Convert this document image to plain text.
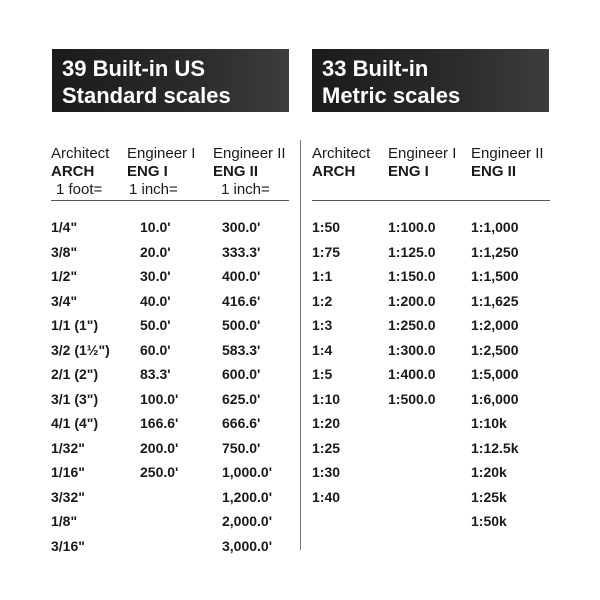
39 Built-in US
Standard scales
33 Built-in
Metric scales
Architect
ARCH
1 foot=
Engineer I
ENG I
1 inch=
Engineer II
ENG II
1 inch=
Architect
ARCH
Engineer I
ENG I
Engineer II
ENG II
1/4"
3/8"
1/2"
3/4"
1/1 (1")
3/2 (1½")
2/1 (2")
3/1 (3")
4/1 (4")
1/32"
1/16"
3/32"
1/8"
3/16"
10.0'
20.0'
30.0'
40.0'
50.0'
60.0'
83.3'
100.0'
166.6'
200.0'
250.0'
300.0'
333.3'
400.0'
416.6'
500.0'
583.3'
600.0'
625.0'
666.6'
750.0'
1,000.0'
1,200.0'
2,000.0'
3,000.0'
1:50
1:75
1:1
1:2
1:3
1:4
1:5
1:10
1:20
1:25
1:30
1:40
1:100.0
1:125.0
1:150.0
1:200.0
1:250.0
1:300.0
1:400.0
1:500.0
1:1,000
1:1,250
1:1,500
1:1,625
1:2,000
1:2,500
1:5,000
1:6,000
1:10k
1:12.5k
1:20k
1:25k
1:50k
